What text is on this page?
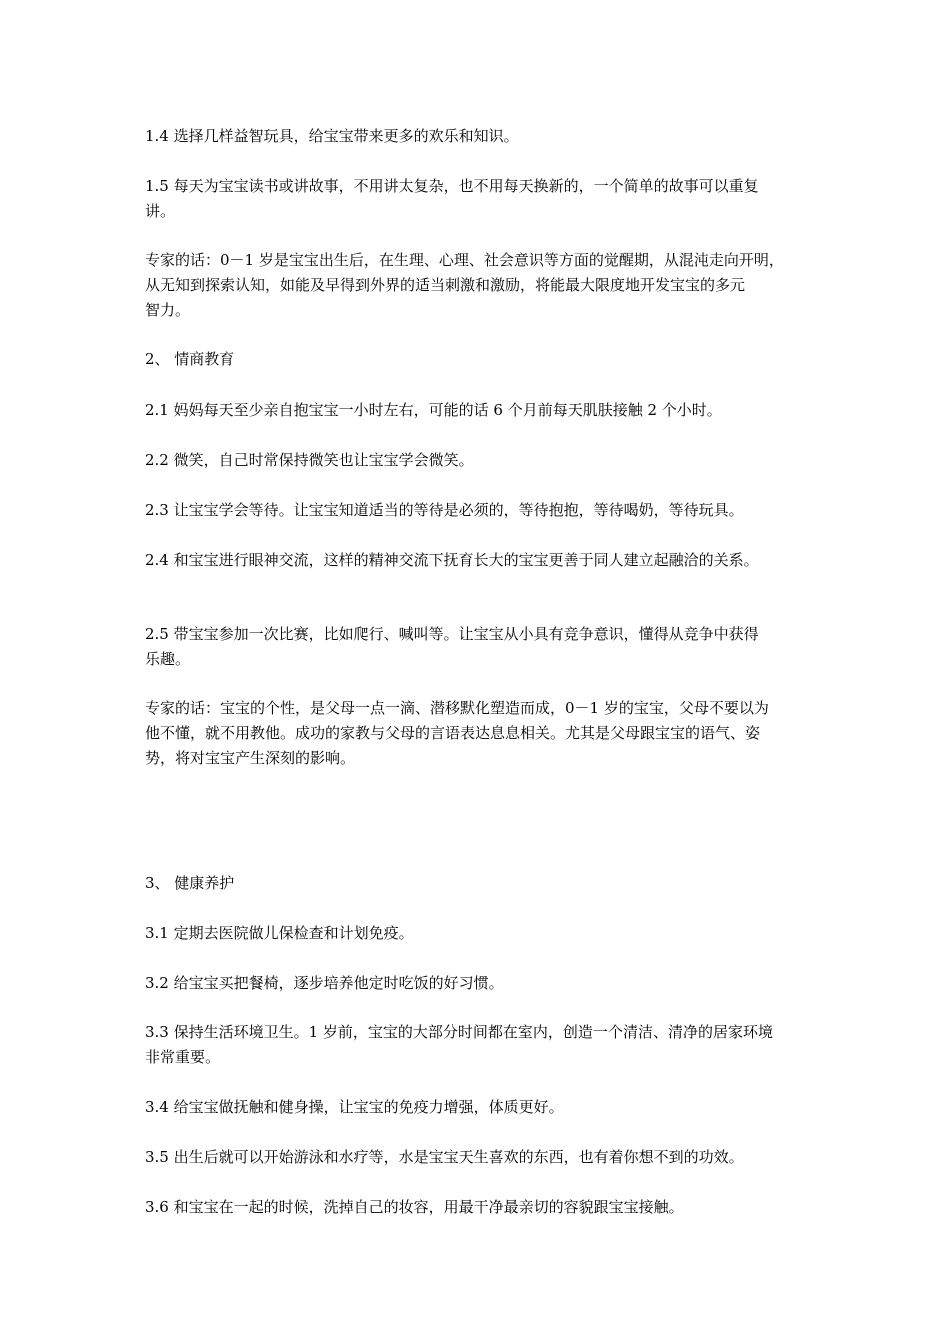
1.4 选择几样益智玩具，给宝宝带来更多的欢乐和知识。

1.5 每天为宝宝读书或讲故事，不用讲太复杂，也不用每天换新的，一个简单的故事可以重复
讲。

专家的话：0－1 岁是宝宝出生后，在生理、心理、社会意识等方面的觉醒期，从混沌走向开明，
从无知到探索认知，如能及早得到外界的适当刺激和激励，将能最大限度地开发宝宝的多元
智力。

2、 情商教育

2.1 妈妈每天至少亲自抱宝宝一小时左右，可能的话 6 个月前每天肌肤接触 2 个小时。

2.2 微笑，自己时常保持微笑也让宝宝学会微笑。

2.3 让宝宝学会等待。让宝宝知道适当的等待是必须的，等待抱抱，等待喝奶，等待玩具。

2.4 和宝宝进行眼神交流，这样的精神交流下抚育长大的宝宝更善于同人建立起融洽的关系。

2.5 带宝宝参加一次比赛，比如爬行、喊叫等。让宝宝从小具有竞争意识，懂得从竞争中获得
乐趣。

专家的话：宝宝的个性，是父母一点一滴、潜移默化塑造而成，0－1 岁的宝宝，父母不要以为
他不懂，就不用教他。成功的家教与父母的言语表达息息相关。尤其是父母跟宝宝的语气、姿
势，将对宝宝产生深刻的影响。

3、 健康养护

3.1 定期去医院做儿保检查和计划免疫。

3.2 给宝宝买把餐椅，逐步培养他定时吃饭的好习惯。

3.3 保持生活环境卫生。1 岁前，宝宝的大部分时间都在室内，创造一个清洁、清净的居家环境
非常重要。

3.4 给宝宝做抚触和健身操，让宝宝的免疫力增强，体质更好。

3.5 出生后就可以开始游泳和水疗等，水是宝宝天生喜欢的东西，也有着你想不到的功效。

3.6 和宝宝在一起的时候，洗掉自己的妆容，用最干净最亲切的容貌跟宝宝接触。
